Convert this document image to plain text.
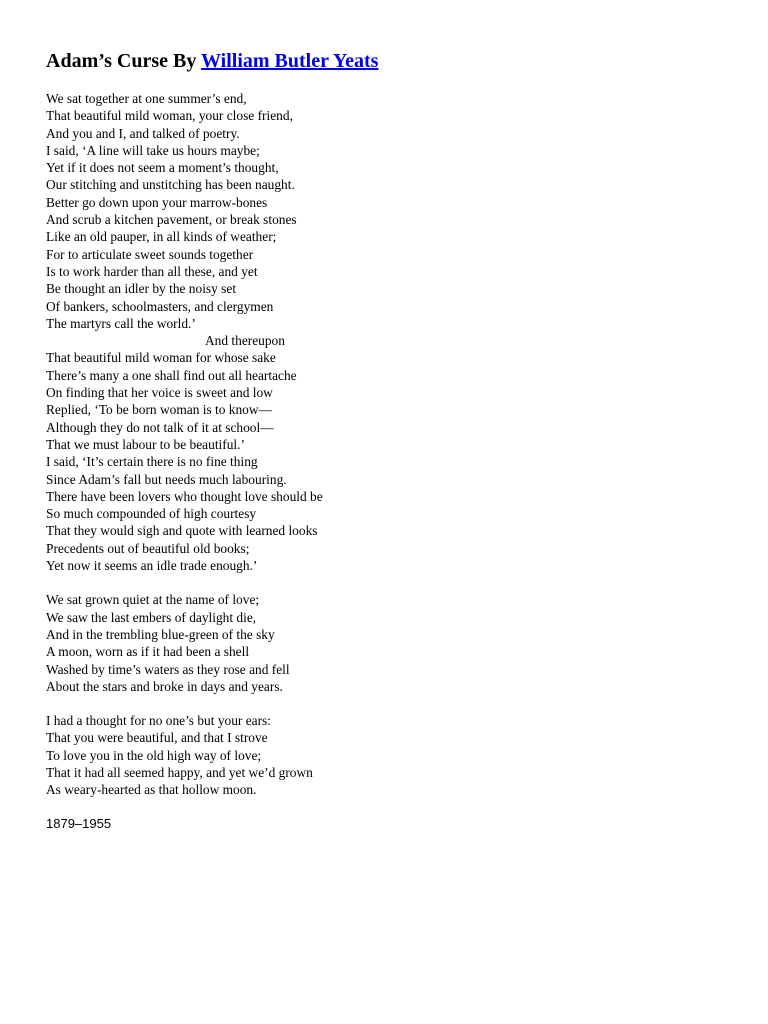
Adam’s Curse By William Butler Yeats
We sat together at one summer’s end,
That beautiful mild woman, your close friend,
And you and I, and talked of poetry.
I said, ‘A line will take us hours maybe;
Yet if it does not seem a moment’s thought,
Our stitching and unstitching has been naught.
Better go down upon your marrow-bones
And scrub a kitchen pavement, or break stones
Like an old pauper, in all kinds of weather;
For to articulate sweet sounds together
Is to work harder than all these, and yet
Be thought an idler by the noisy set
Of bankers, schoolmasters, and clergymen
The martyrs call the world.’
And thereupon
That beautiful mild woman for whose sake
There’s many a one shall find out all heartache
On finding that her voice is sweet and low
Replied, ‘To be born woman is to know—
Although they do not talk of it at school—
That we must labour to be beautiful.’
I said, ‘It’s certain there is no fine thing
Since Adam’s fall but needs much labouring.
There have been lovers who thought love should be
So much compounded of high courtesy
That they would sigh and quote with learned looks
Precedents out of beautiful old books;
Yet now it seems an idle trade enough.’
We sat grown quiet at the name of love;
We saw the last embers of daylight die,
And in the trembling blue-green of the sky
A moon, worn as if it had been a shell
Washed by time’s waters as they rose and fell
About the stars and broke in days and years.
I had a thought for no one’s but your ears:
That you were beautiful, and that I strove
To love you in the old high way of love;
That it had all seemed happy, and yet we’d grown
As weary-hearted as that hollow moon.
1879–1955
